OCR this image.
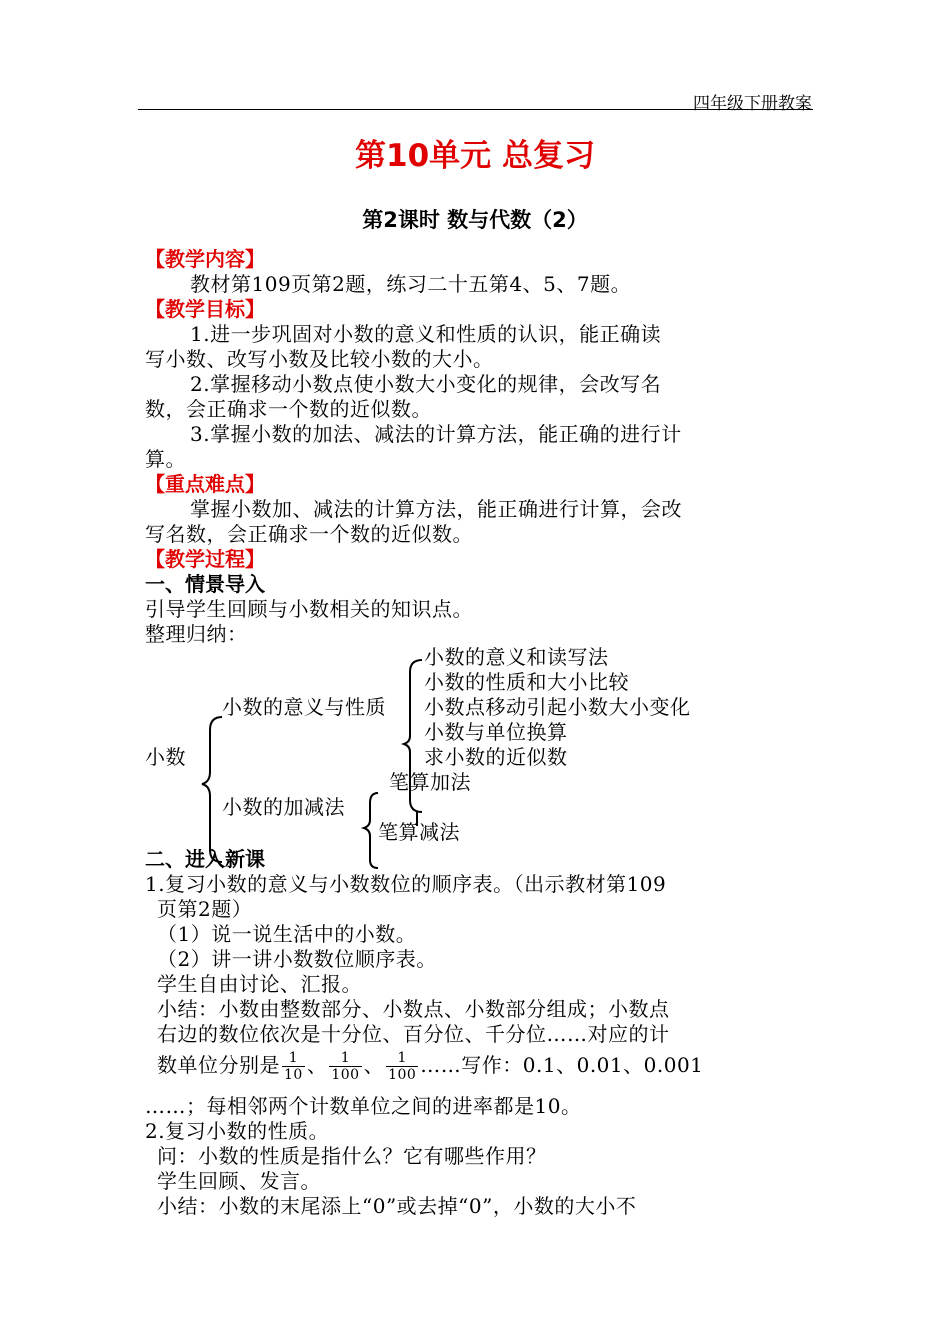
四年级下册教案
第10单元 总复习
第2课时 数与代数（2）
【教学内容】
教材第109页第2题，练习二十五第4、5、7题。
【教学目标】
1.进一步巩固对小数的意义和性质的认识，能正确读
写小数、改写小数及比较小数的大小。
2.掌握移动小数点使小数大小变化的规律，会改写名
数，会正确求一个数的近似数。
3.掌握小数的加法、减法的计算方法，能正确的进行计
算。
【重点难点】
掌握小数加、减法的计算方法，能正确进行计算，会改
写名数，会正确求一个数的近似数。
【教学过程】
一、情景导入
引导学生回顾与小数相关的知识点。
整理归纳：
小数
小数的意义与性质
小数的加减法
小数的意义和读写法
小数的性质和大小比较
小数点移动引起小数大小变化
小数与单位换算
求小数的近似数
笔算加法
笔算减法
二、进入新课
1.复习小数的意义与小数数位的顺序表。（出示教材第109
页第2题）
（1）说一说生活中的小数。
（2）讲一讲小数数位顺序表。
学生自由讨论、汇报。
小结：小数由整数部分、小数点、小数部分组成；小数点
右边的数位依次是十分位、百分位、千分位……对应的计
数单位分别是 $\frac{1}{10}$ 、 $\frac{1}{100}$ 、 $\frac{1}{100}$ ……写作：0.1、0.01、0.001
……；每相邻两个计数单位之间的进率都是10。
2.复习小数的性质。
问：小数的性质是指什么？它有哪些作用？
学生回顾、发言。
小结：小数的末尾添上“0”或去掉“0”，小数的大小不
